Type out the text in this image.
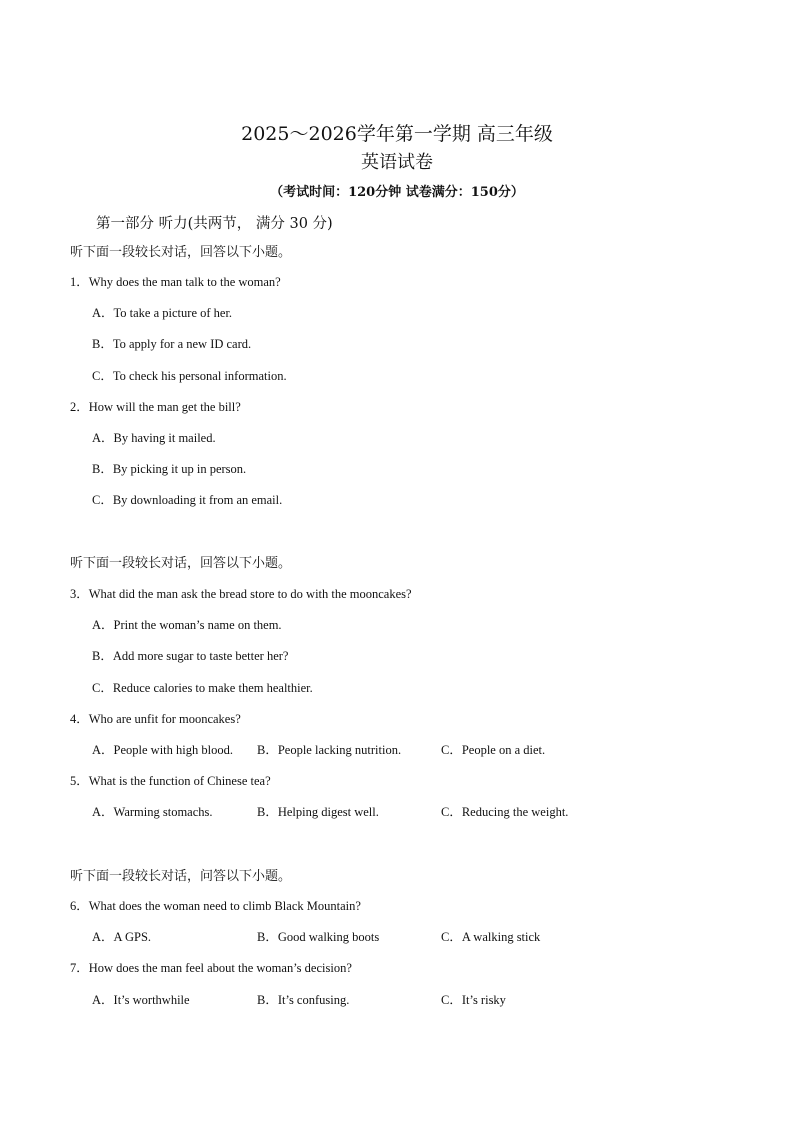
2025～2026学年第一学期 高三年级
英语试卷
（考试时间：120分钟 试卷满分：150分）
第一部分 听力(共两节， 满分 30 分)
听下面一段较长对话，回答以下小题。
1．Why does the man talk to the woman?
A．To take a picture of her.
B．To apply for a new ID card.
C．To check his personal information.
2．How will the man get the bill?
A．By having it mailed.
B．By picking it up in person.
C．By downloading it from an email.
听下面一段较长对话，回答以下小题。
3．What did the man ask the bread store to do with the mooncakes?
A．Print the woman’s name on them.
B．Add more sugar to taste better her?
C．Reduce calories to make them healthier.
4．Who are unfit for mooncakes?
A．People with high blood. B．People lacking nutrition.	C．People on a diet.
5．What is the function of Chinese tea?
A．Warming stomachs.	B．Helping digest well.	C．Reducing the weight.
听下面一段较长对话，问答以下小题。
6．What does the woman need to climb Black Mountain?
A．A GPS.	B．Good walking boots	C．A walking stick
7．How does the man feel about the woman’s decision?
A．It’s worthwhile	B．It’s confusing.	C．It’s risky
